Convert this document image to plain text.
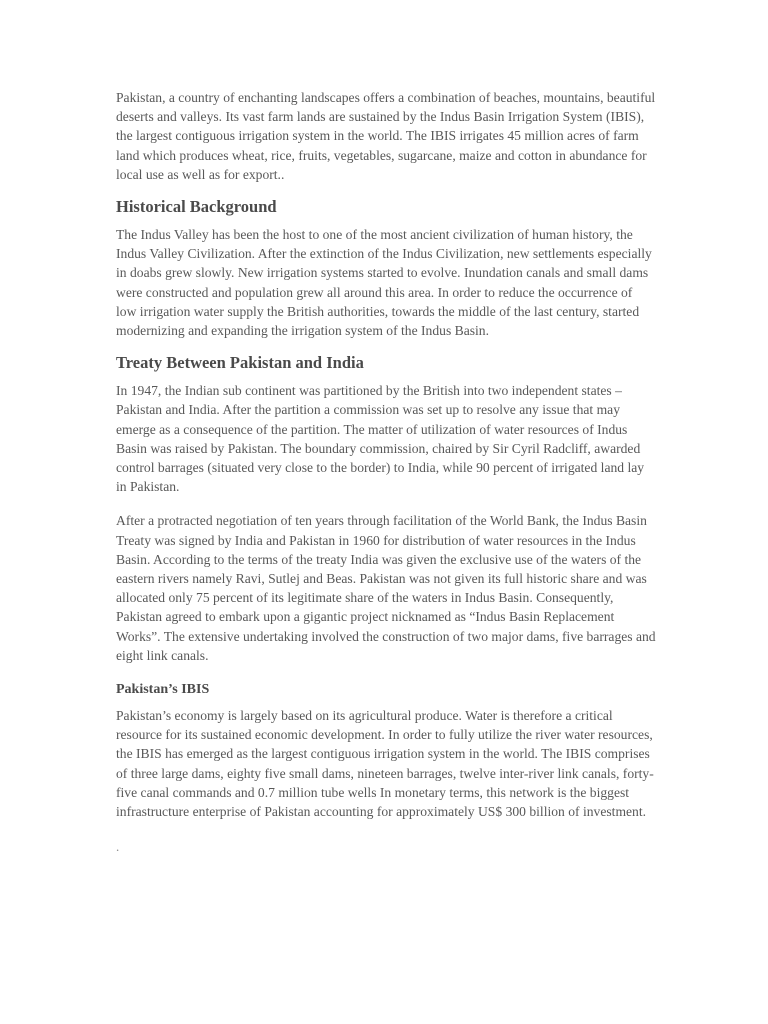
Pakistan, a country of enchanting landscapes offers a combination of beaches, mountains, beautiful deserts and valleys. Its vast farm lands are sustained by the Indus Basin Irrigation System (IBIS), the largest contiguous irrigation system in the world. The IBIS irrigates 45 million acres of farm land which produces wheat, rice, fruits, vegetables, sugarcane, maize and cotton in abundance for local use as well as for export..

Historical Background

The Indus Valley has been the host to one of the most ancient civilization of human history, the Indus Valley Civilization. After the extinction of the Indus Civilization, new settlements especially in doabs grew slowly. New irrigation systems started to evolve. Inundation canals and small dams were constructed and population grew all around this area. In order to reduce the occurrence of low irrigation water supply the British authorities, towards the middle of the last century, started modernizing and expanding the irrigation system of the Indus Basin.

Treaty Between Pakistan and India

In 1947, the Indian sub continent was partitioned by the British into two independent states – Pakistan and India. After the partition a commission was set up to resolve any issue that may emerge as a consequence of the partition. The matter of utilization of water resources of Indus Basin was raised by Pakistan. The boundary commission, chaired by Sir Cyril Radcliff, awarded control barrages (situated very close to the border) to India, while 90 percent of irrigated land lay in Pakistan.

After a protracted negotiation of ten years through facilitation of the World Bank, the Indus Basin Treaty was signed by India and Pakistan in 1960 for distribution of water resources in the Indus Basin. According to the terms of the treaty India was given the exclusive use of the waters of the eastern rivers namely Ravi, Sutlej and Beas. Pakistan was not given its full historic share and was allocated only 75 percent of its legitimate share of the waters in Indus Basin. Consequently, Pakistan agreed to embark upon a gigantic project nicknamed as “Indus Basin Replacement Works”. The extensive undertaking involved the construction of two major dams, five barrages and eight link canals.

Pakistan’s IBIS

Pakistan’s economy is largely based on its agricultural produce. Water is therefore a critical resource for its sustained economic development. In order to fully utilize the river water resources, the IBIS has emerged as the largest contiguous irrigation system in the world. The IBIS comprises of three large dams, eighty five small dams, nineteen barrages, twelve inter-river link canals, forty-five canal commands and 0.7 million tube wells In monetary terms, this network is the biggest infrastructure enterprise of Pakistan accounting for approximately US$ 300 billion of investment.

.
